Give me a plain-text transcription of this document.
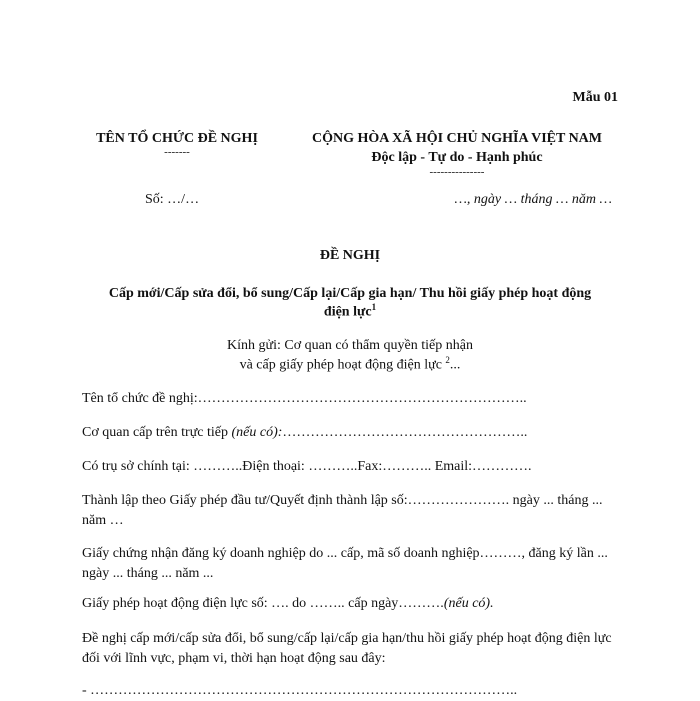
Mẫu 01
TÊN TỔ CHỨC ĐỀ NGHỊ
-------
CỘNG HÒA XÃ HỘI CHỦ NGHĨA VIỆT NAM
Độc lập - Tự do - Hạnh phúc
---------------
Số: …/…	…, ngày … tháng … năm …
ĐỀ NGHỊ
Cấp mới/Cấp sửa đổi, bổ sung/Cấp lại/Cấp gia hạn/ Thu hồi giấy phép hoạt động
điện lực$^1$
Kính gửi: Cơ quan có thẩm quyền tiếp nhận
và cấp giấy phép hoạt động điện lực $^2$...
Tên tổ chức đề nghị:……………………………………………………………..
Cơ quan cấp trên trực tiếp (nếu có):……………………………………………..
Có trụ sở chính tại: ………..Điện thoại: ………..Fax:……….. Email:………….
Thành lập theo Giấy phép đầu tư/Quyết định thành lập số:…………………. ngày ... tháng ... năm …
Giấy chứng nhận đăng ký doanh nghiệp do ... cấp, mã số doanh nghiệp………, đăng ký lần ... ngày ... tháng ... năm ...
Giấy phép hoạt động điện lực số: …. do …….. cấp ngày……….(nếu có).
Đề nghị cấp mới/cấp sửa đổi, bổ sung/cấp lại/cấp gia hạn/thu hồi giấy phép hoạt động điện lực đối với lĩnh vực, phạm vi, thời hạn hoạt động sau đây:
- ………………………………………………………………………………..
